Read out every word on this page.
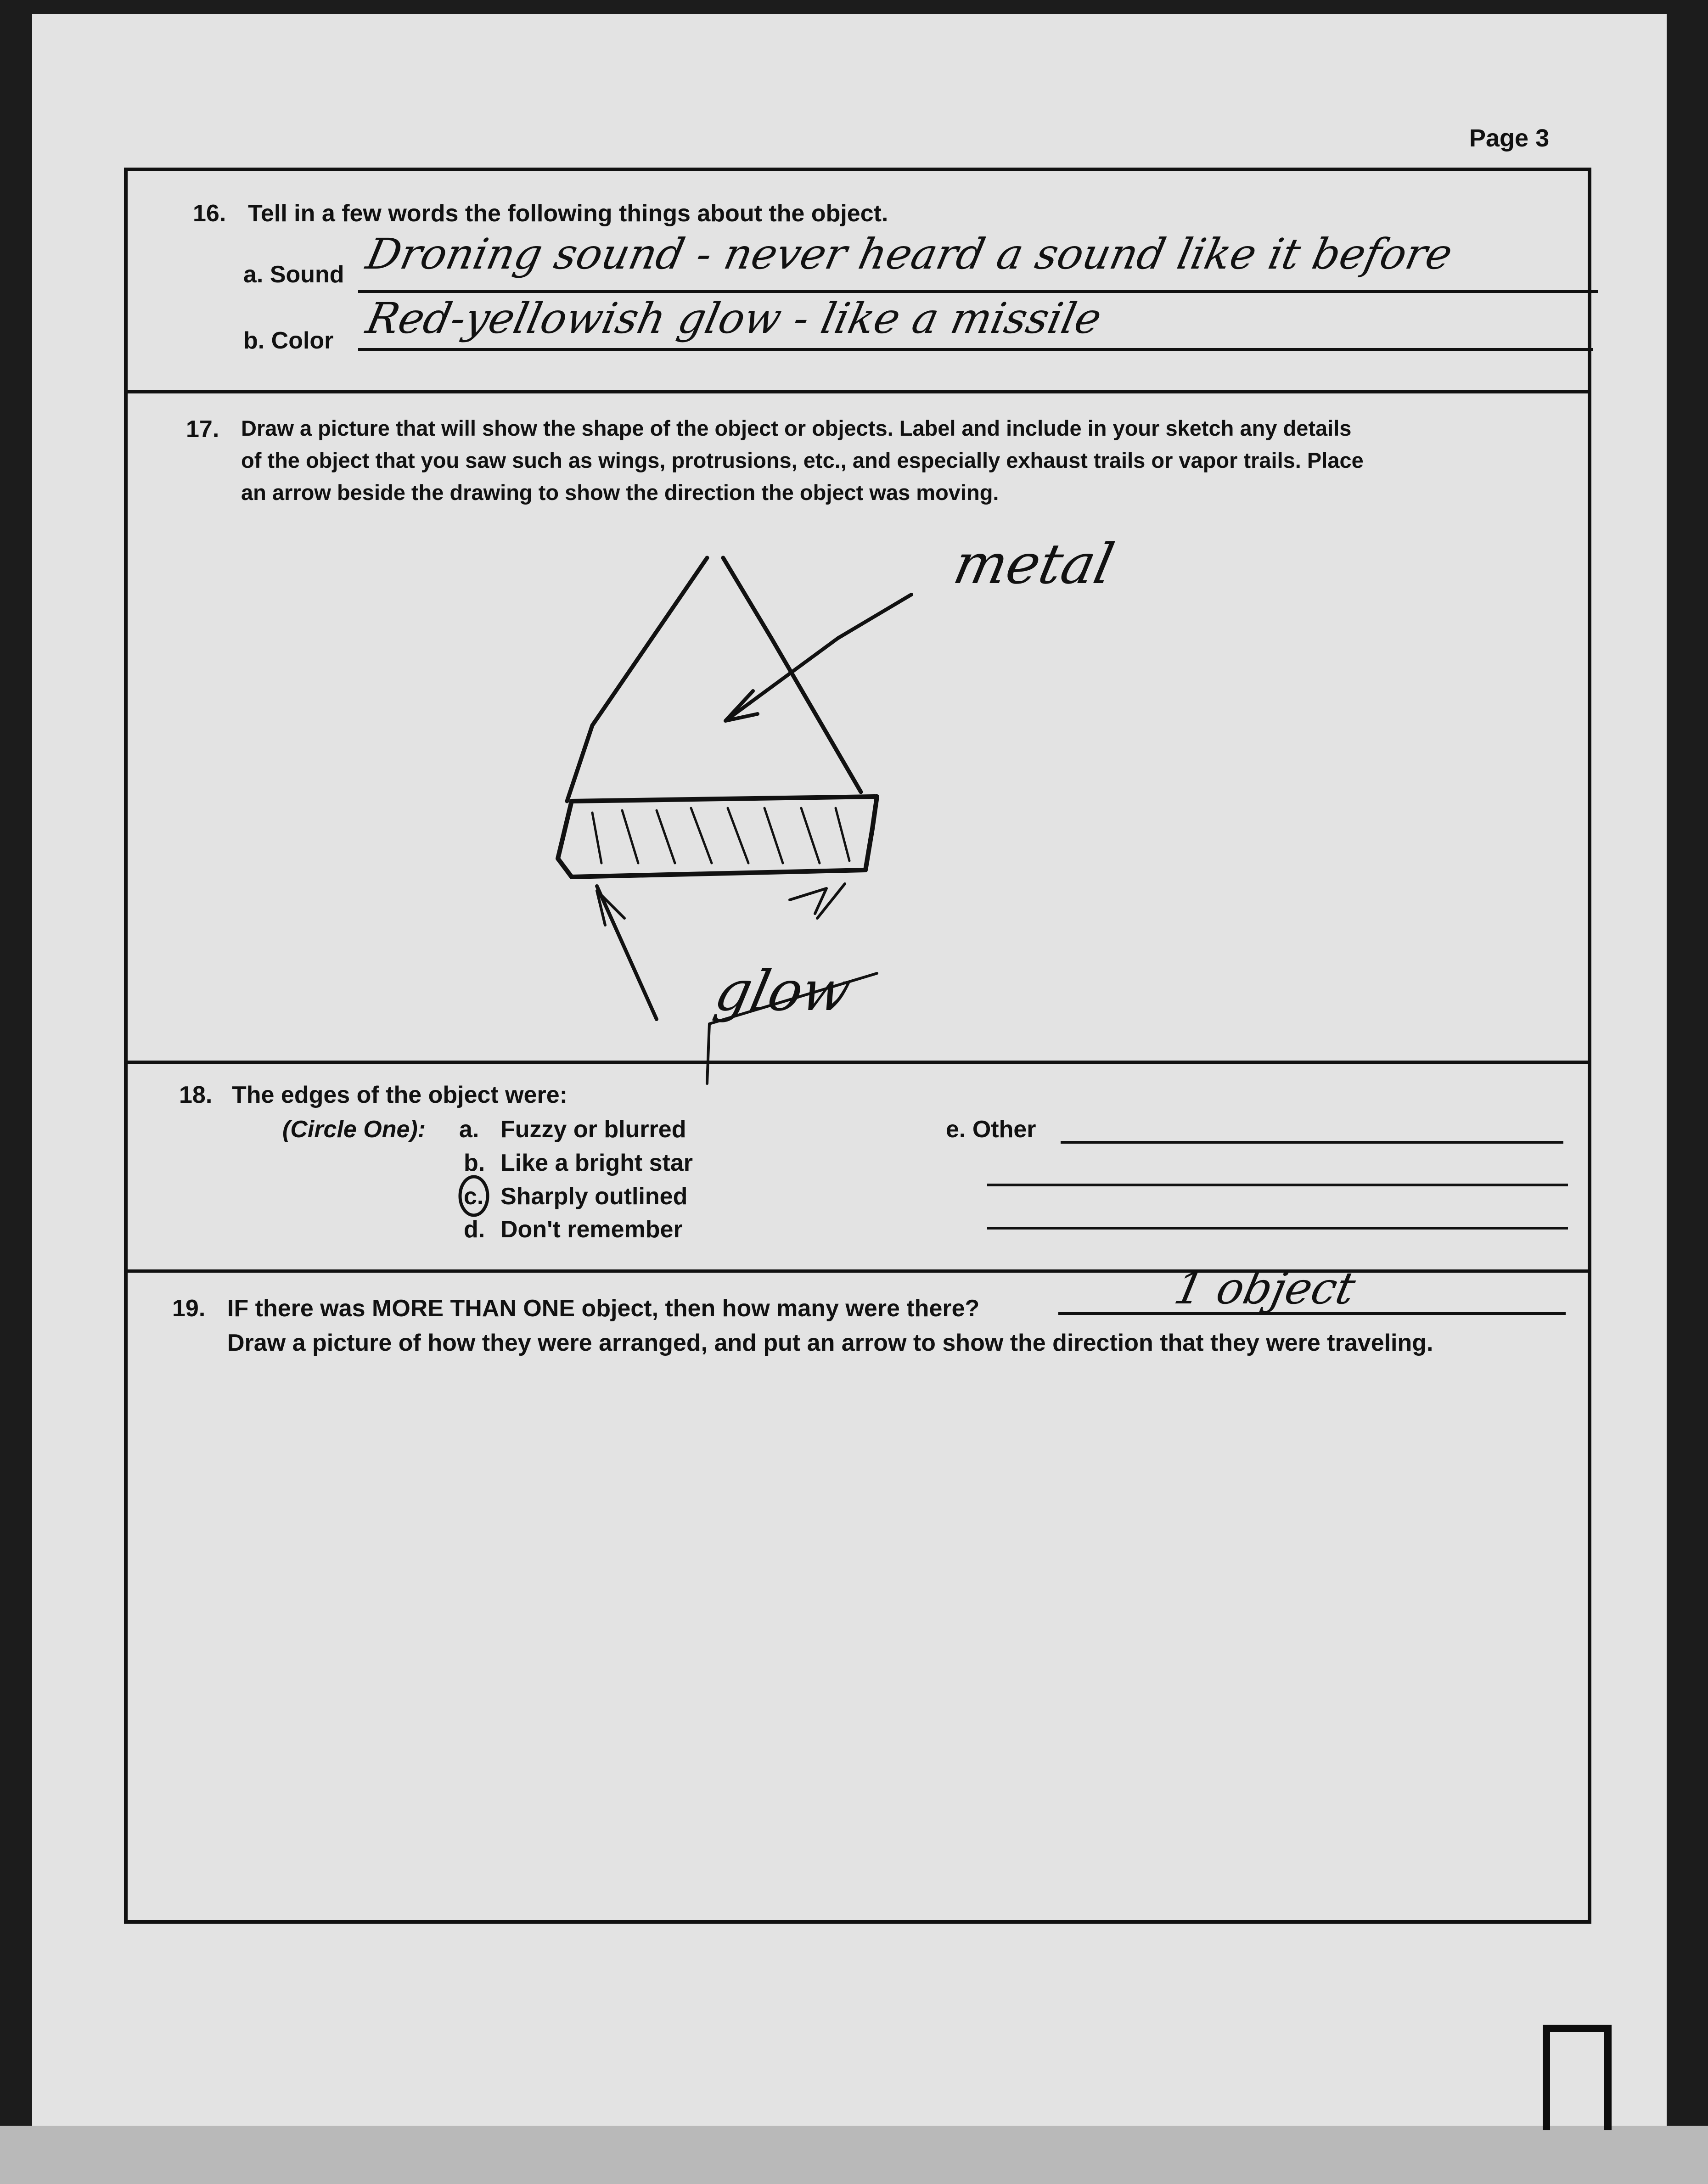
Page 3
16. Tell in a few words the following things about the object.
a. Sound Droning sound - never heard a sound like it before
b. Color Red-yellowish glow - like a missile
17. Draw a picture that will show the shape of the object or objects. Label and include in your sketch any details
of the object that you saw such as wings, protrusions, etc., and especially exhaust trails or vapor trails. Place
an arrow beside the drawing to show the direction the object was moving.
metal
glow
18. The edges of the object were:
(Circle One): a. Fuzzy or blurred
b. Like a bright star
c. Sharply outlined
d. Don't remember
e. Other
19. IF there was MORE THAN ONE object, then how many were there?	1 object
Draw a picture of how they were arranged, and put an arrow to show the direction that they were traveling.
